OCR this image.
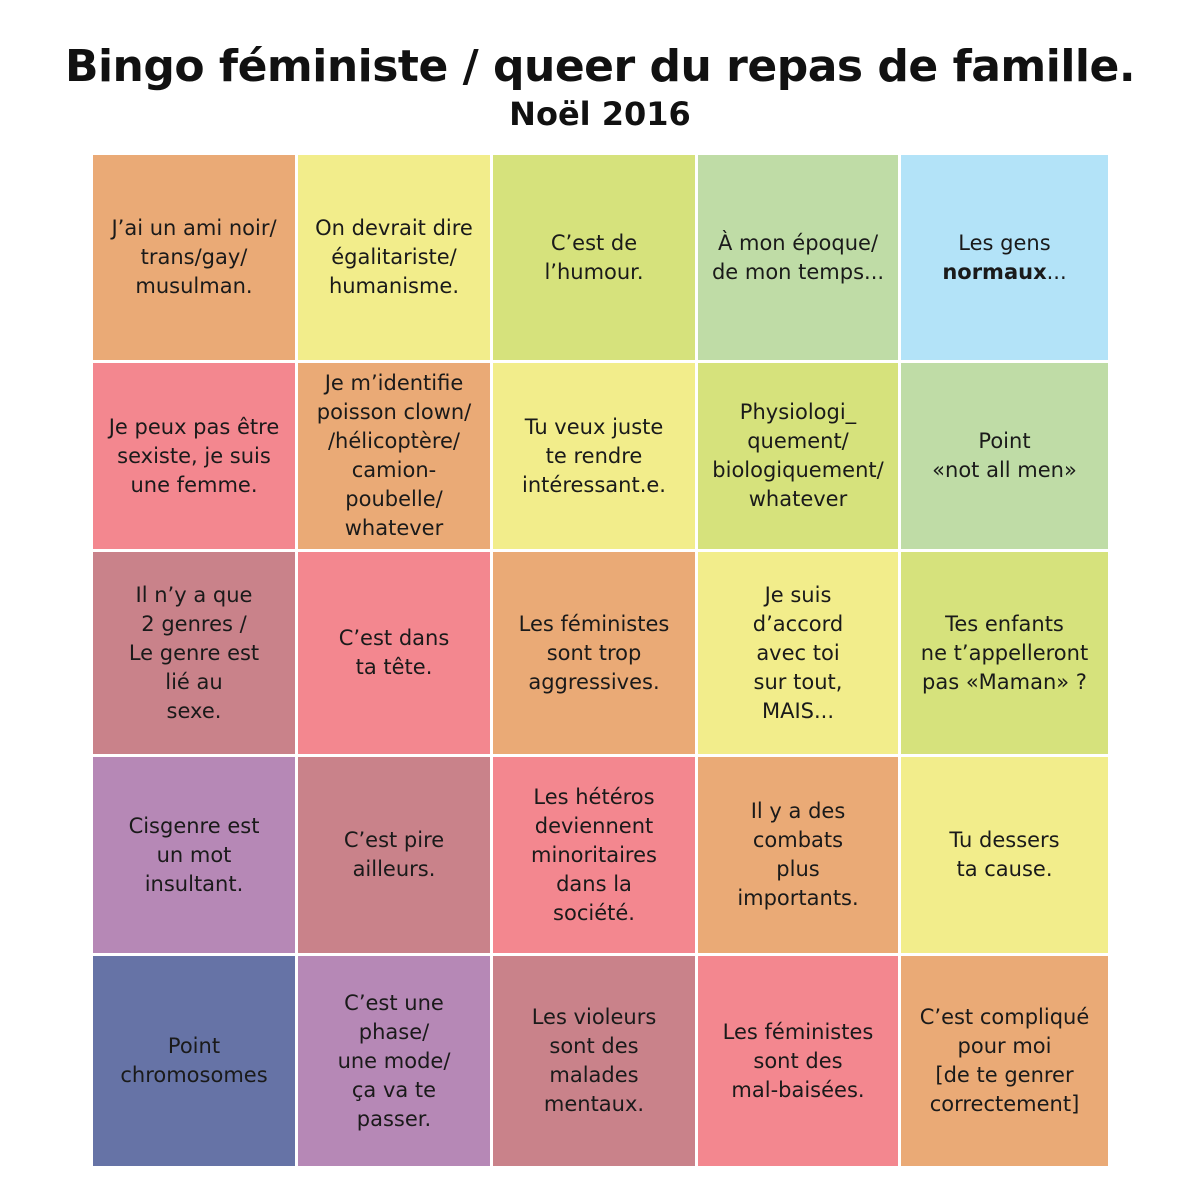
Bingo féministe / queer du repas de famille.
Noël 2016
J’ai un ami noir/
trans/gay/
musulman.
On devrait dire
égalitariste/
humanisme.
C’est de
l’humour.
À mon époque/
de mon temps...
Les gens
normaux...
Je peux pas être
sexiste, je suis
une femme.
Je m’identifie
poisson clown/
/hélicoptère/
camion-poubelle/
whatever
Tu veux juste
te rendre
intéressant.e.
Physiologi_
quement/
biologiquement/
whatever
Point
«not all men»
Il n’y a que
2 genres /
Le genre est
lié au
sexe.
C’est dans
ta tête.
Les féministes
sont trop
aggressives.
Je suis
d’accord
avec toi
sur tout,
MAIS...
Tes enfants
ne t’appelleront
pas «Maman» ?
Cisgenre est
un mot
insultant.
C’est pire
ailleurs.
Les hétéros
deviennent
minoritaires
dans la
société.
Il y a des
combats
plus
importants.
Tu dessers
ta cause.
Point
chromosomes
C’est une
phase/
une mode/
ça va te
passer.
Les violeurs
sont des
malades
mentaux.
Les féministes
sont des
mal-baisées.
C’est compliqué
pour moi
[de te genrer
correctement]
